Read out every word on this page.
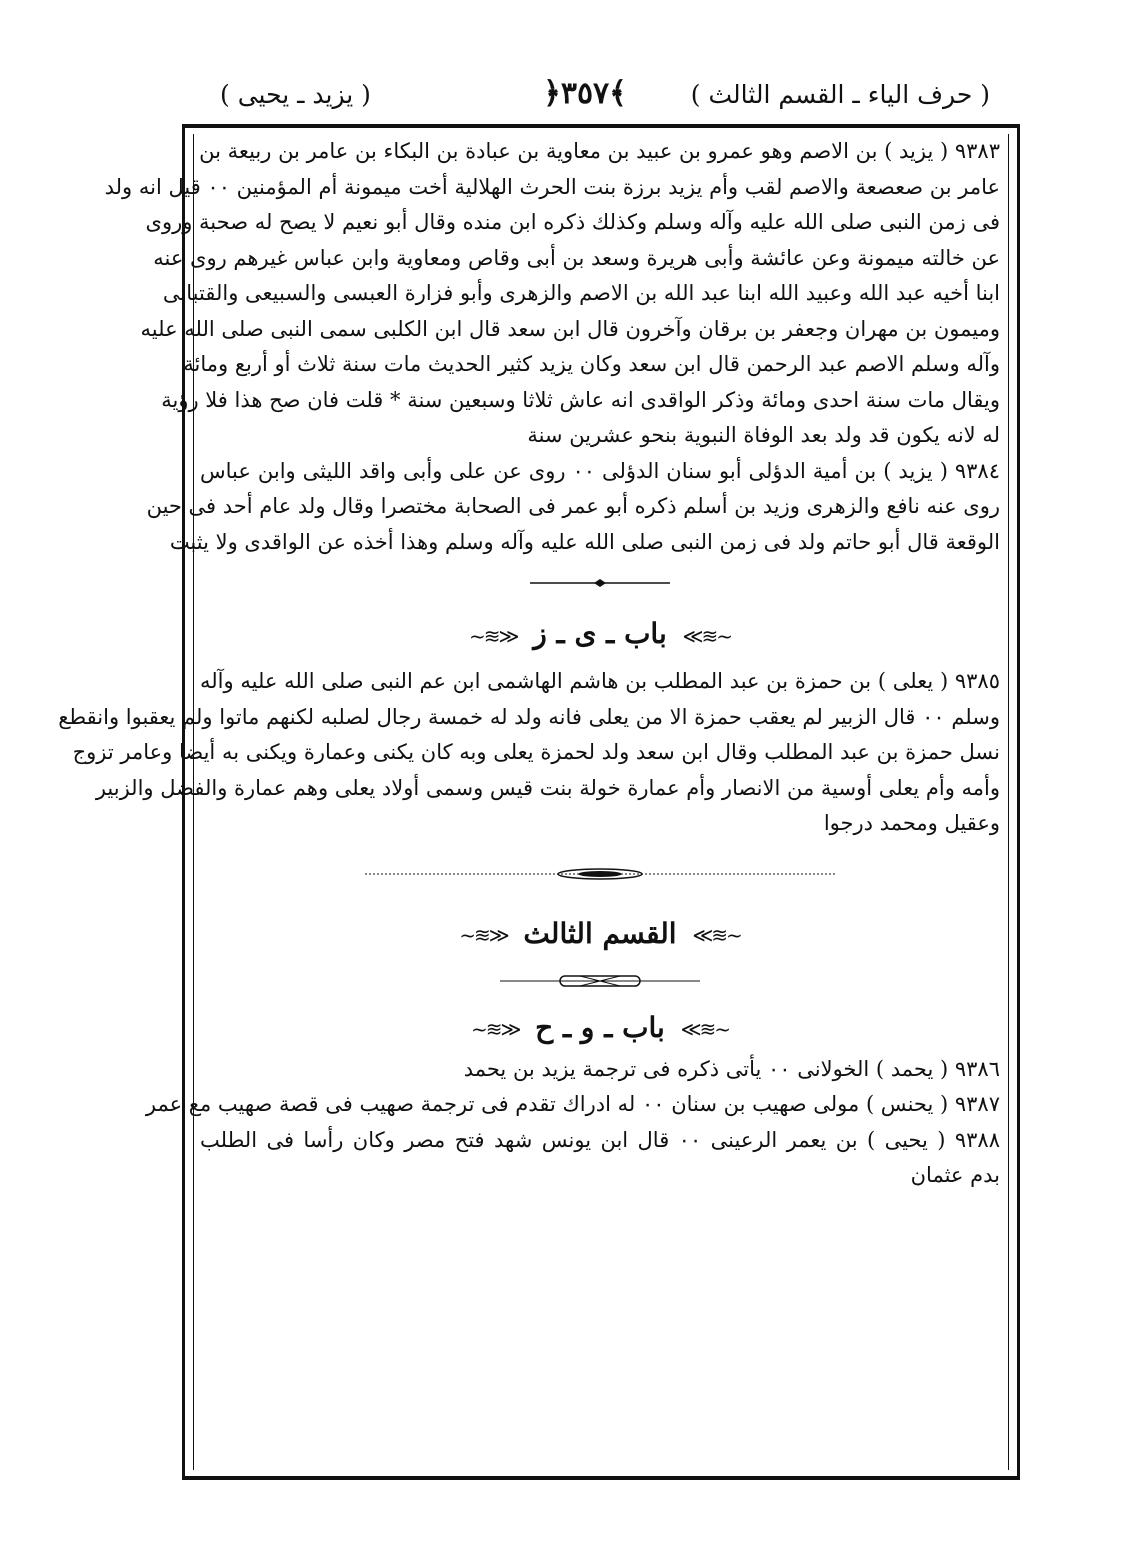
( حرف الياء ـ القسم الثالث )
﴿٣٥٧﴾
( يزيد ـ يحيى )
٩٣٨٣ ( يزيد ) بن الاصم وهو عمرو بن عبيد بن معاوية بن عبادة بن البكاء بن عامر بن ربيعة بن
عامر بن صعصعة والاصم لقب وأم يزيد برزة بنت الحرث الهلالية أخت ميمونة أم المؤمنين ٠٠ قيل انه ولد
فى زمن النبى صلى الله عليه وآله وسلم وكذلك ذكره ابن منده وقال أبو نعيم لا يصح له صحبة وروى
عن خالته ميمونة وعن عائشة وأبى هريرة وسعد بن أبى وقاص ومعاوية وابن عباس غيرهم روى عنه
ابنا أخيه عبد الله وعبيد الله ابنا عبد الله بن الاصم والزهرى وأبو فزارة العبسى والسبيعى والقتبانى
وميمون بن مهران وجعفر بن برقان وآخرون قال ابن سعد قال ابن الكلبى سمى النبى صلى الله عليه
وآله وسلم الاصم عبد الرحمن قال ابن سعد وكان يزيد كثير الحديث مات سنة ثلاث أو أربع ومائة
ويقال مات سنة احدى ومائة وذكر الواقدى انه عاش ثلاثا وسبعين سنة * قلت فان صح هذا فلا رؤية
له لانه يكون قد ولد بعد الوفاة النبوية بنحو عشرين سنة
٩٣٨٤ ( يزيد ) بن أمية الدؤلى أبو سنان الدؤلى ٠٠ روى عن على وأبى واقد الليثى وابن عباس
روى عنه نافع والزهرى وزيد بن أسلم ذكره أبو عمر فى الصحابة مختصرا وقال ولد عام أحد فى حين
الوقعة قال أبو حاتم ولد فى زمن النبى صلى الله عليه وآله وسلم وهذا أخذه عن الواقدى ولا يثبت
~≋≫ باب ـ ى ـ ز ≪≋~
٩٣٨٥ ( يعلى ) بن حمزة بن عبد المطلب بن هاشم الهاشمى ابن عم النبى صلى الله عليه وآله
وسلم ٠٠ قال الزبير لم يعقب حمزة الا من يعلى فانه ولد له خمسة رجال لصلبه لكنهم ماتوا ولم يعقبوا وانقطع
نسل حمزة بن عبد المطلب وقال ابن سعد ولد لحمزة يعلى وبه كان يكنى وعمارة ويكنى به أيضا وعامر تزوج
وأمه وأم يعلى أوسية من الانصار وأم عمارة خولة بنت قيس وسمى أولاد يعلى وهم عمارة والفضل والزبير
وعقيل ومحمد درجوا
~≋≫ القسم الثالث ≪≋~
~≋≫ باب ـ و ـ ح ≪≋~
٩٣٨٦ ( يحمد ) الخولانى ٠٠ يأتى ذكره فى ترجمة يزيد بن يحمد
٩٣٨٧ ( يحنس ) مولى صهيب بن سنان ٠٠ له ادراك تقدم فى ترجمة صهيب فى قصة صهيب مع عمر
٩٣٨٨ ( يحيى ) بن يعمر الرعينى ٠٠ قال ابن يونس شهد فتح مصر وكان رأسا فى الطلب
بدم عثمان
